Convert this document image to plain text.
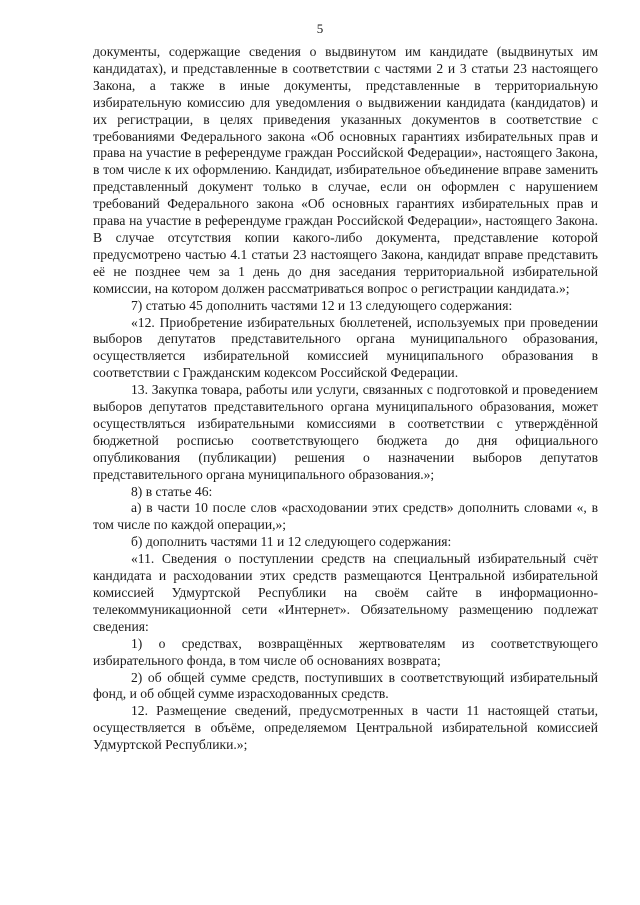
5

документы, содержащие сведения о выдвинутом им кандидате (выдвинутых им кандидатах), и представленные в соответствии с частями 2 и 3 статьи 23 настоящего Закона, а также в иные документы, представленные в территориальную избирательную комиссию для уведомления о выдвижении кандидата (кандидатов) и их регистрации, в целях приведения указанных документов в соответствие с требованиями Федерального закона «Об основных гарантиях избирательных прав и права на участие в референдуме граждан Российской Федерации», настоящего Закона, в том числе к их оформлению. Кандидат, избирательное объединение вправе заменить представленный документ только в случае, если он оформлен с нарушением требований Федерального закона «Об основных гарантиях избирательных прав и права на участие в референдуме граждан Российской Федерации», настоящего Закона. В случае отсутствия копии какого-либо документа, представление которой предусмотрено частью 4.1 статьи 23 настоящего Закона, кандидат вправе представить её не позднее чем за 1 день до дня заседания территориальной избирательной комиссии, на котором должен рассматриваться вопрос о регистрации кандидата.»;

7) статью 45 дополнить частями 12 и 13 следующего содержания:

«12. Приобретение избирательных бюллетеней, используемых при проведении выборов депутатов представительного органа муниципального образования, осуществляется избирательной комиссией муниципального образования в соответствии с Гражданским кодексом Российской Федерации.

13. Закупка товара, работы или услуги, связанных с подготовкой и проведением выборов депутатов представительного органа муниципального образования, может осуществляться избирательными комиссиями в соответствии с утверждённой бюджетной росписью соответствующего бюджета до дня официального опубликования (публикации) решения о назначении выборов депутатов представительного органа муниципального образования.»;

8) в статье 46:

а) в части 10 после слов «расходовании этих средств» дополнить словами «, в том числе по каждой операции,»;

б) дополнить частями 11 и 12 следующего содержания:

«11. Сведения о поступлении средств на специальный избирательный счёт кандидата и расходовании этих средств размещаются Центральной избирательной комиссией Удмуртской Республики на своём сайте в информационно-телекоммуникационной сети «Интернет». Обязательному размещению подлежат сведения:

1) о средствах, возвращённых жертвователям из соответствующего избирательного фонда, в том числе об основаниях возврата;

2) об общей сумме средств, поступивших в соответствующий избирательный фонд, и об общей сумме израсходованных средств.

12. Размещение сведений, предусмотренных в части 11 настоящей статьи, осуществляется в объёме, определяемом Центральной избирательной комиссией Удмуртской Республики.»;
